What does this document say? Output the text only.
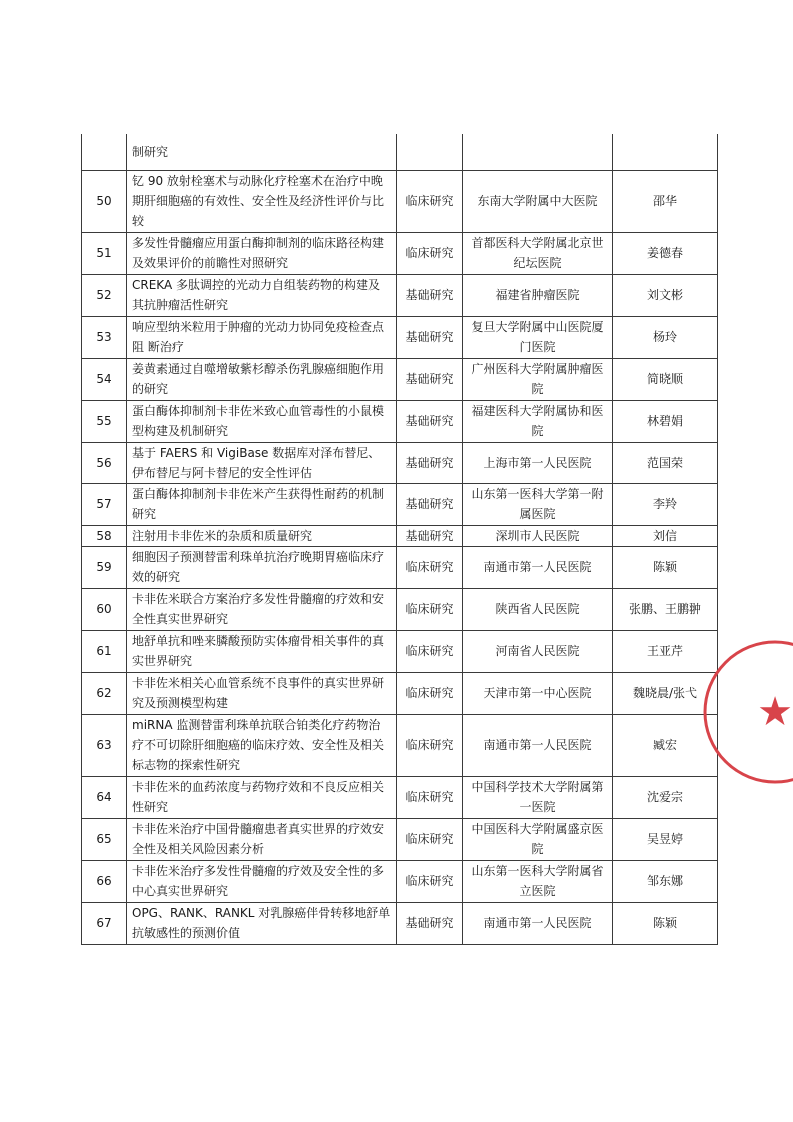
	制研究			
50	钇 90 放射栓塞术与动脉化疗栓塞术在治疗中晚期肝细胞癌的有效性、安全性及经济性评价与比较	临床研究	东南大学附属中大医院	邵华
51	多发性骨髓瘤应用蛋白酶抑制剂的临床路径构建及效果评价的前瞻性对照研究	临床研究	首都医科大学附属北京世纪坛医院	姜德春
52	CREKA 多肽调控的光动力自组装药物的构建及其抗肿瘤活性研究	基础研究	福建省肿瘤医院	刘文彬
53	响应型纳米粒用于肿瘤的光动力协同免疫检查点阻 断治疗	基础研究	复旦大学附属中山医院厦门医院	杨玲
54	姜黄素通过自噬增敏紫杉醇杀伤乳腺癌细胞作用的研究	基础研究	广州医科大学附属肿瘤医院	简晓顺
55	蛋白酶体抑制剂卡非佐米致心血管毒性的小鼠模型构建及机制研究	基础研究	福建医科大学附属协和医院	林碧娟
56	基于 FAERS 和 VigiBase 数据库对泽布替尼、伊布替尼与阿卡替尼的安全性评估	基础研究	上海市第一人民医院	范国荣
57	蛋白酶体抑制剂卡非佐米产生获得性耐药的机制研究	基础研究	山东第一医科大学第一附属医院	李羚
58	注射用卡非佐米的杂质和质量研究	基础研究	深圳市人民医院	刘信
59	细胞因子预测替雷利珠单抗治疗晚期胃癌临床疗效的研究	临床研究	南通市第一人民医院	陈颖
60	卡非佐米联合方案治疗多发性骨髓瘤的疗效和安全性真实世界研究	临床研究	陕西省人民医院	张鹏、王鹏翀
61	地舒单抗和唑来膦酸预防实体瘤骨相关事件的真实世界研究	临床研究	河南省人民医院	王亚芹
62	卡非佐米相关心血管系统不良事件的真实世界研究及预测模型构建	临床研究	天津市第一中心医院	魏晓晨/张弋
63	miRNA 监测替雷利珠单抗联合铂类化疗药物治疗不可切除肝细胞癌的临床疗效、安全性及相关标志物的探索性研究	临床研究	南通市第一人民医院	臧宏
64	卡非佐米的血药浓度与药物疗效和不良反应相关性研究	临床研究	中国科学技术大学附属第一医院	沈爱宗
65	卡非佐米治疗中国骨髓瘤患者真实世界的疗效安全性及相关风险因素分析	临床研究	中国医科大学附属盛京医院	吴昱婷
66	卡非佐米治疗多发性骨髓瘤的疗效及安全性的多中心真实世界研究	临床研究	山东第一医科大学附属省立医院	邹东娜
67	OPG、RANK、RANKL 对乳腺癌伴骨转移地舒单抗敏感性的预测价值	基础研究	南通市第一人民医院	陈颖
★
